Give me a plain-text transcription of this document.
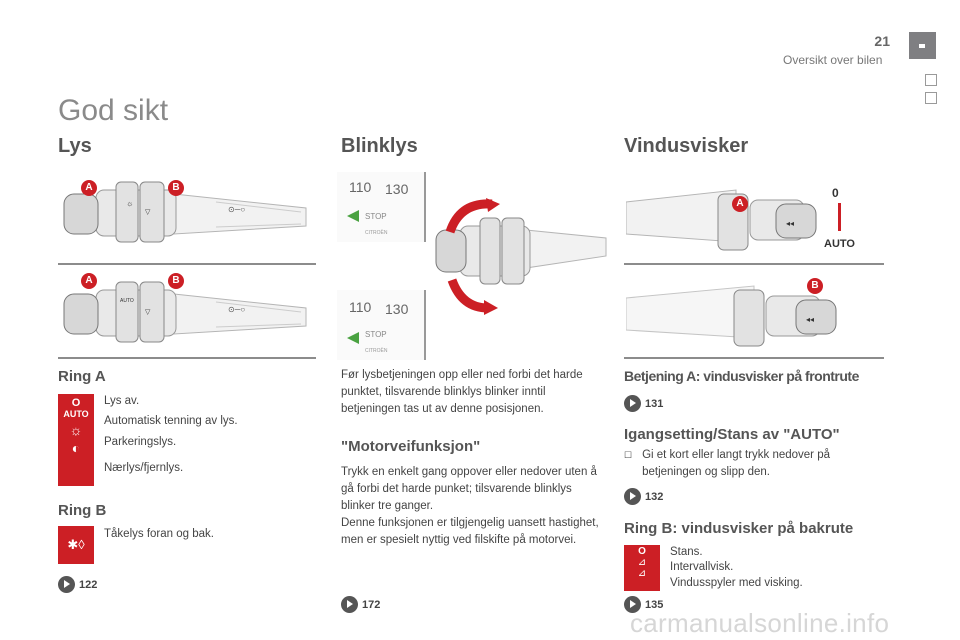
21
Oversikt over bilen
God sikt
Lys
☼
▽	⊙─○
A	B
AUTO
▽	⊙─○
A	B
Ring A
O
AUTO
☼
◐
Lys av.
Automatisk tenning av lys.
Parkeringslys.
Nærlys/fjernlys.
Ring B
✱◊
Tåkelys foran og bak.
122
Blinklys
110 130
STOP
CITROËN
110 130
STOP
CITROËN
Før lysbetjeningen opp eller ned forbi det harde punktet, tilsvarende blinklys blinker inntil betjeningen tas ut av denne posisjonen.
"Motorveifunksjon"
Trykk en enkelt gang oppover eller nedover uten å gå forbi det harde punket; tilsvarende blinklys blinker tre ganger.
Denne funksjonen er tilgjengelig uansett hastighet, men er spesielt nyttig ved filskifte på motorvei.
172
Vindusvisker
◂◂
A
0
AUTO
◂◂
B
Betjening A: vindusvisker på frontrute
131
Igangsetting/Stans av "AUTO"
☐ Gi et kort eller langt trykk nedover på betjeningen og slipp den.
132
Ring B: vindusvisker på bakrute
O
⊿
⊿
Stans.
Intervallvisk.
Vindusspyler med visking.
135
carmanualsonline.info
